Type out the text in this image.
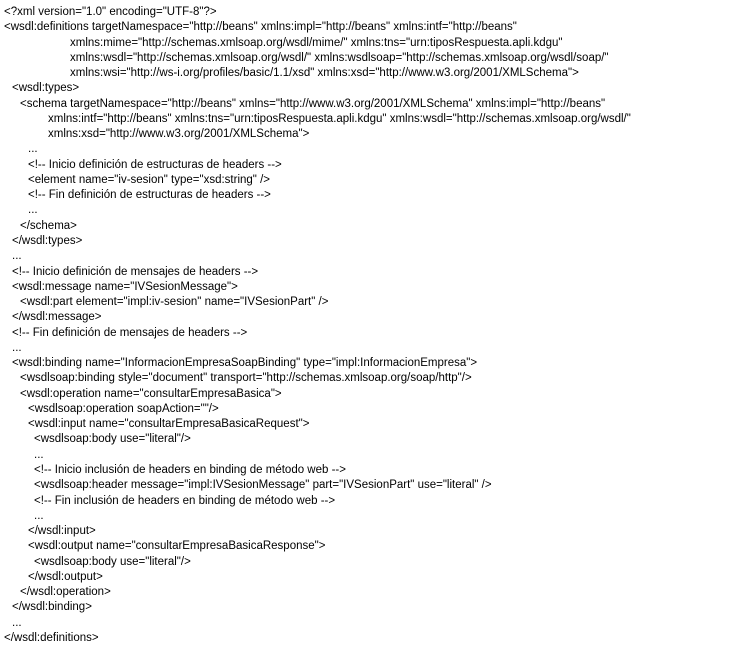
<?xml version="1.0" encoding="UTF-8"?>
<wsdl:definitions targetNamespace="http://beans" xmlns:impl="http://beans" xmlns:intf="http://beans"
xmlns:mime="http://schemas.xmlsoap.org/wsdl/mime/" xmlns:tns="urn:tiposRespuesta.apli.kdgu"
xmlns:wsdl="http://schemas.xmlsoap.org/wsdl/" xmlns:wsdlsoap="http://schemas.xmlsoap.org/wsdl/soap/"
xmlns:wsi="http://ws-i.org/profiles/basic/1.1/xsd" xmlns:xsd="http://www.w3.org/2001/XMLSchema">
<wsdl:types>
<schema targetNamespace="http://beans" xmlns="http://www.w3.org/2001/XMLSchema" xmlns:impl="http://beans"
xmlns:intf="http://beans" xmlns:tns="urn:tiposRespuesta.apli.kdgu" xmlns:wsdl="http://schemas.xmlsoap.org/wsdl/"
xmlns:xsd="http://www.w3.org/2001/XMLSchema">
...
<!-- Inicio definición de estructuras de headers -->
<element name="iv-sesion" type="xsd:string" />
<!-- Fin definición de estructuras de headers -->
...
</schema>
</wsdl:types>
...
<!-- Inicio definición de mensajes de headers -->
<wsdl:message name="IVSesionMessage">
<wsdl:part element="impl:iv-sesion" name="IVSesionPart" />
</wsdl:message>
<!-- Fin definición de mensajes de headers -->
...
<wsdl:binding name="InformacionEmpresaSoapBinding" type="impl:InformacionEmpresa">
<wsdlsoap:binding style="document" transport="http://schemas.xmlsoap.org/soap/http"/>
<wsdl:operation name="consultarEmpresaBasica">
<wsdlsoap:operation soapAction=""/>
<wsdl:input name="consultarEmpresaBasicaRequest">
<wsdlsoap:body use="literal"/>
...
<!-- Inicio inclusión de headers en binding de método web -->
<wsdlsoap:header message="impl:IVSesionMessage" part="IVSesionPart" use="literal" />
<!-- Fin inclusión de headers en binding de método web -->
...
</wsdl:input>
<wsdl:output name="consultarEmpresaBasicaResponse">
<wsdlsoap:body use="literal"/>
</wsdl:output>
</wsdl:operation>
</wsdl:binding>
...
</wsdl:definitions>
